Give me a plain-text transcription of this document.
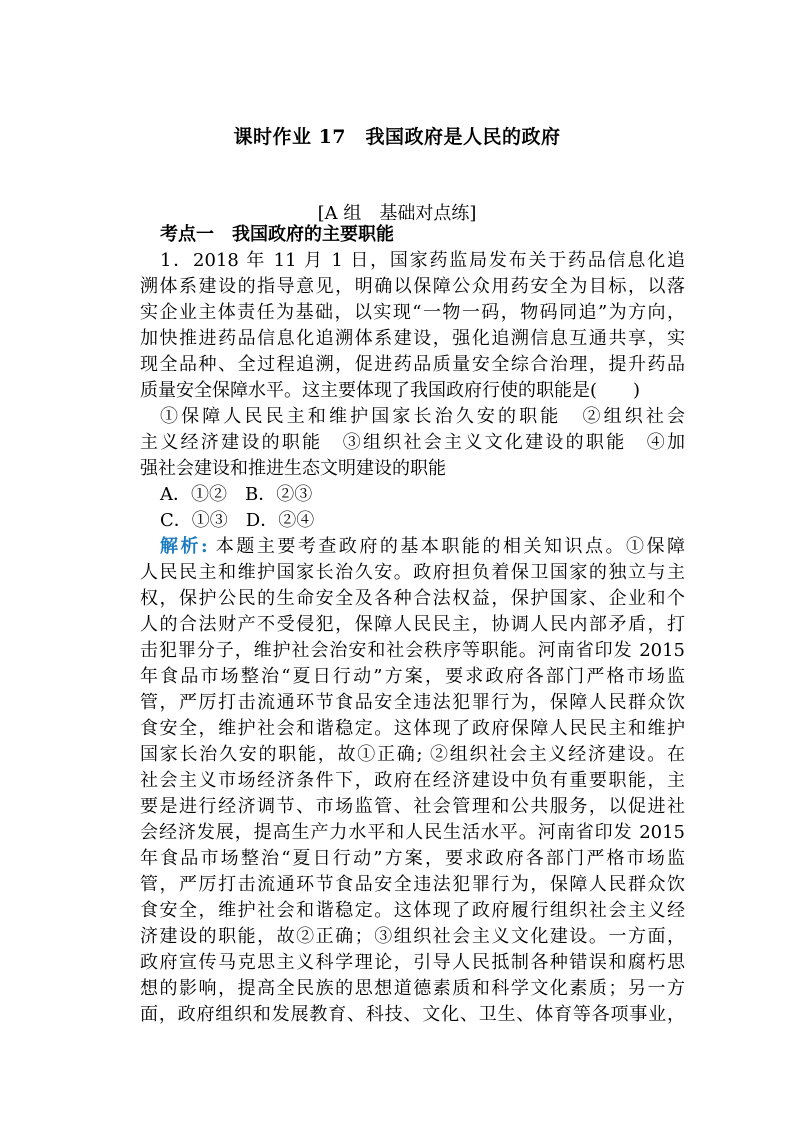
课时作业 17　我国政府是人民的政府
[A 组　基础对点练]
考点一　我国政府的主要职能
1．2018 年 11 月 1 日，国家药监局发布关于药品信息化追
溯体系建设的指导意见，明确以保障公众用药安全为目标，以落
实企业主体责任为基础，以实现“一物一码，物码同追”为方向，
加快推进药品信息化追溯体系建设，强化追溯信息互通共享，实
现全品种、全过程追溯，促进药品质量安全综合治理，提升药品
质量安全保障水平。这主要体现了我国政府行使的职能是(　　)
①保障人民民主和维护国家长治久安的职能　②组织社会
主义经济建设的职能　③组织社会主义文化建设的职能　④加
强社会建设和推进生态文明建设的职能
A．①②　B．②③
C．①③　D．②④
解析: 本题主要考查政府的基本职能的相关知识点。①保障
人民民主和维护国家长治久安。政府担负着保卫国家的独立与主
权，保护公民的生命安全及各种合法权益，保护国家、企业和个
人的合法财产不受侵犯，保障人民民主，协调人民内部矛盾，打
击犯罪分子，维护社会治安和社会秩序等职能。河南省印发 2015
年食品市场整治“夏日行动”方案，要求政府各部门严格市场监
管，严厉打击流通环节食品安全违法犯罪行为，保障人民群众饮
食安全，维护社会和谐稳定。这体现了政府保障人民民主和维护
国家长治久安的职能，故①正确; ②组织社会主义经济建设。在
社会主义市场经济条件下，政府在经济建设中负有重要职能，主
要是进行经济调节、市场监管、社会管理和公共服务，以促进社
会经济发展，提高生产力水平和人民生活水平。河南省印发 2015
年食品市场整治“夏日行动”方案，要求政府各部门严格市场监
管，严厉打击流通环节食品安全违法犯罪行为，保障人民群众饮
食安全，维护社会和谐稳定。这体现了政府履行组织社会主义经
济建设的职能，故②正确；③组织社会主义文化建设。一方面，
政府宣传马克思主义科学理论，引导人民抵制各种错误和腐朽思
想的影响，提高全民族的思想道德素质和科学文化素质；另一方
面，政府组织和发展教育、科技、文化、卫生、体育等各项事业，
